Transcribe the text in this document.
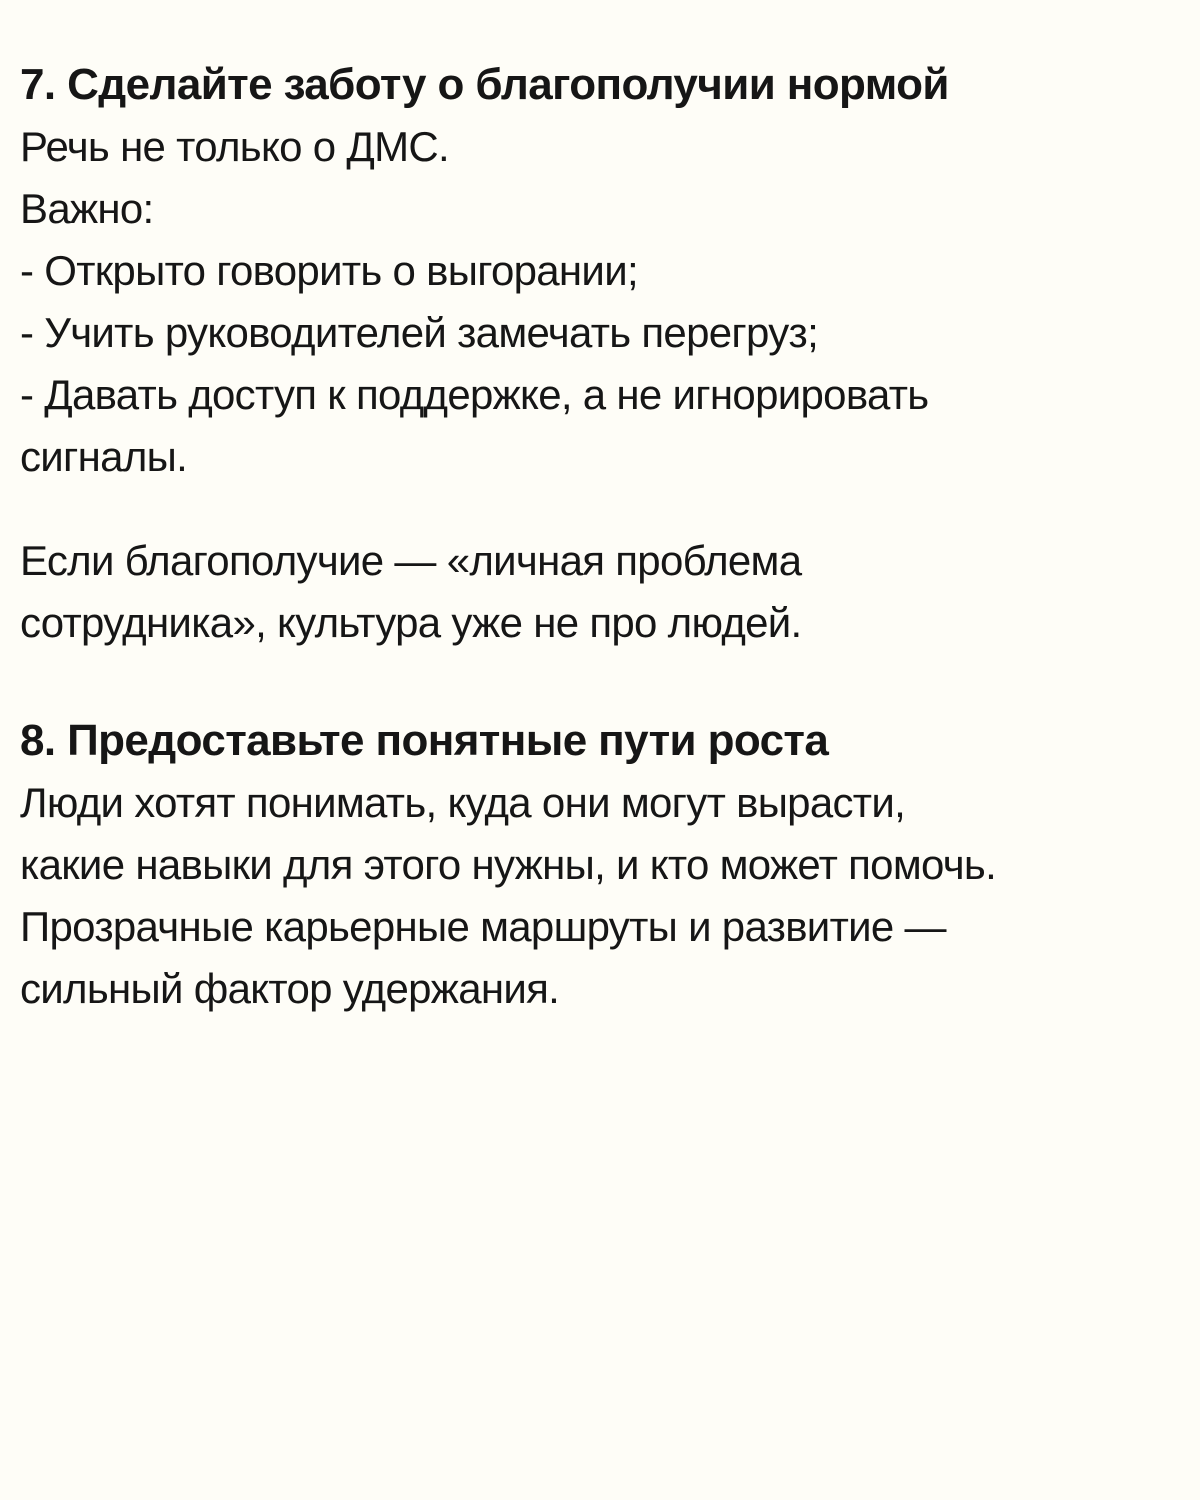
7. Сделайте заботу о благополучии нормой

Речь не только о ДМС.

Важно:

- Открыто говорить о выгорании;

- Учить руководителей замечать перегруз;

- Давать доступ к поддержке, а не игнорировать

сигналы.

Если благополучие — «личная проблема

сотрудника», культура уже не про людей.

8. Предоставьте понятные пути роста

Люди хотят понимать, куда они могут вырасти,

какие навыки для этого нужны, и кто может помочь.

Прозрачные карьерные маршруты и развитие —

сильный фактор удержания.
